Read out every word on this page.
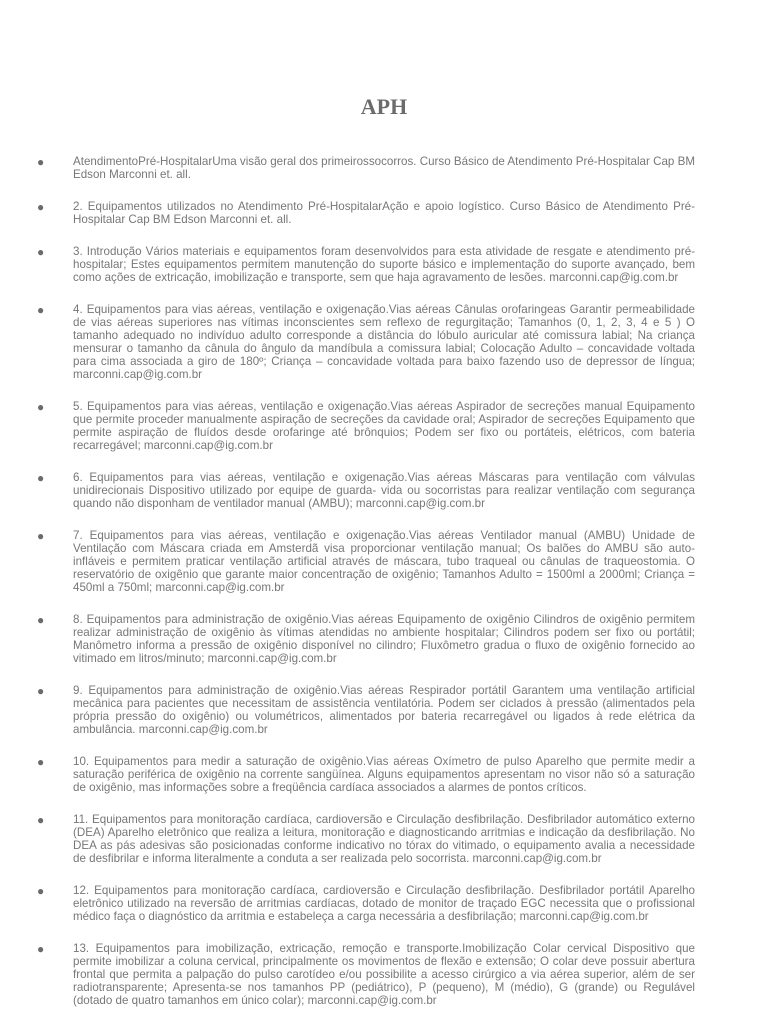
APH
● AtendimentoPré-HospitalarUma visão geral dos primeirossocorros. Curso Básico de Atendimento Pré-Hospitalar Cap BM Edson Marconni et. all.

● 2. Equipamentos utilizados no Atendimento Pré-HospitalarAção e apoio logístico. Curso Básico de Atendimento Pré-Hospitalar Cap BM Edson Marconni et. all.

● 3. Introdução Vários materiais e equipamentos foram desenvolvidos para esta atividade de resgate e atendimento pré-hospitalar; Estes equipamentos permitem manutenção do suporte básico e implementação do suporte avançado, bem como ações de extricação, imobilização e transporte, sem que haja agravamento de lesões. marconni.cap@ig.com.br

● 4. Equipamentos para vias aéreas, ventilação e oxigenação.Vias aéreas Cânulas orofaringeas Garantir permeabilidade de vias aéreas superiores nas vítimas inconscientes sem reflexo de regurgitação; Tamanhos (0, 1, 2, 3, 4 e 5 ) O tamanho adequado no indivíduo adulto corresponde a distância do lóbulo auricular até comissura labial; Na criança mensurar o tamanho da cânula do ângulo da mandíbula a comissura labial; Colocação Adulto – concavidade voltada para cima associada a giro de 180º; Criança – concavidade voltada para baixo fazendo uso de depressor de língua; marconni.cap@ig.com.br

● 5. Equipamentos para vias aéreas, ventilação e oxigenação.Vias aéreas Aspirador de secreções manual Equipamento que permite proceder manualmente aspiração de secreções da cavidade oral; Aspirador de secreções Equipamento que permite aspiração de fluídos desde orofaringe até brônquios; Podem ser fixo ou portáteis, elétricos, com bateria recarregável; marconni.cap@ig.com.br

● 6. Equipamentos para vias aéreas, ventilação e oxigenação.Vias aéreas Máscaras para ventilação com válvulas unidirecionais Dispositivo utilizado por equipe de guarda- vida ou socorristas para realizar ventilação com segurança quando não disponham de ventilador manual (AMBU); marconni.cap@ig.com.br

● 7. Equipamentos para vias aéreas, ventilação e oxigenação.Vias aéreas Ventilador manual (AMBU) Unidade de Ventilação com Máscara criada em Amsterdã visa proporcionar ventilação manual; Os balões do AMBU são auto-infláveis e permitem praticar ventilação artificial através de máscara, tubo traqueal ou cânulas de traqueostomia. O reservatório de oxigênio que garante maior concentração de oxigênio; Tamanhos Adulto = 1500ml a 2000ml; Criança = 450ml a 750ml; marconni.cap@ig.com.br

● 8. Equipamentos para administração de oxigênio.Vias aéreas Equipamento de oxigênio Cilindros de oxigênio permitem realizar administração de oxigênio às vítimas atendidas no ambiente hospitalar; Cilindros podem ser fixo ou portátil; Manômetro informa a pressão de oxigênio disponível no cilindro; Fluxômetro gradua o fluxo de oxigênio fornecido ao vitimado em litros/minuto; marconni.cap@ig.com.br

● 9. Equipamentos para administração de oxigênio.Vias aéreas Respirador portátil Garantem uma ventilação artificial mecânica para pacientes que necessitam de assistência ventilatória. Podem ser ciclados à pressão (alimentados pela própria pressão do oxigênio) ou volumétricos, alimentados por bateria recarregável ou ligados à rede elétrica da ambulância. marconni.cap@ig.com.br

● 10. Equipamentos para medir a saturação de oxigênio.Vias aéreas Oxímetro de pulso Aparelho que permite medir a saturação periférica de oxigênio na corrente sangüínea. Alguns equipamentos apresentam no visor não só a saturação de oxigênio, mas informações sobre a freqüência cardíaca associados a alarmes de pontos críticos.

● 11. Equipamentos para monitoração cardíaca, cardioversão e Circulação desfibrilação. Desfibrilador automático externo (DEA) Aparelho eletrônico que realiza a leitura, monitoração e diagnosticando arritmias e indicação da desfibrilação. No DEA as pás adesivas são posicionadas conforme indicativo no tórax do vitimado, o equipamento avalia a necessidade de desfibrilar e informa literalmente a conduta a ser realizada pelo socorrista. marconni.cap@ig.com.br

● 12. Equipamentos para monitoração cardíaca, cardioversão e Circulação desfibrilação. Desfibrilador portátil Aparelho eletrônico utilizado na reversão de arritmias cardíacas, dotado de monitor de traçado EGC necessita que o profissional médico faça o diagnóstico da arritmia e estabeleça a carga necessária a desfibrilação; marconni.cap@ig.com.br

● 13. Equipamentos para imobilização, extricação, remoção e transporte.Imobilização Colar cervical Dispositivo que permite imobilizar a coluna cervical, principalmente os movimentos de flexão e extensão; O colar deve possuir abertura frontal que permita a palpação do pulso carotídeo e/ou possibilite a acesso cirúrgico a via aérea superior, além de ser radiotransparente; Apresenta-se nos tamanhos PP (pediátrico), P (pequeno), M (médio), G (grande) ou Regulável (dotado de quatro tamanhos em único colar); marconni.cap@ig.com.br
